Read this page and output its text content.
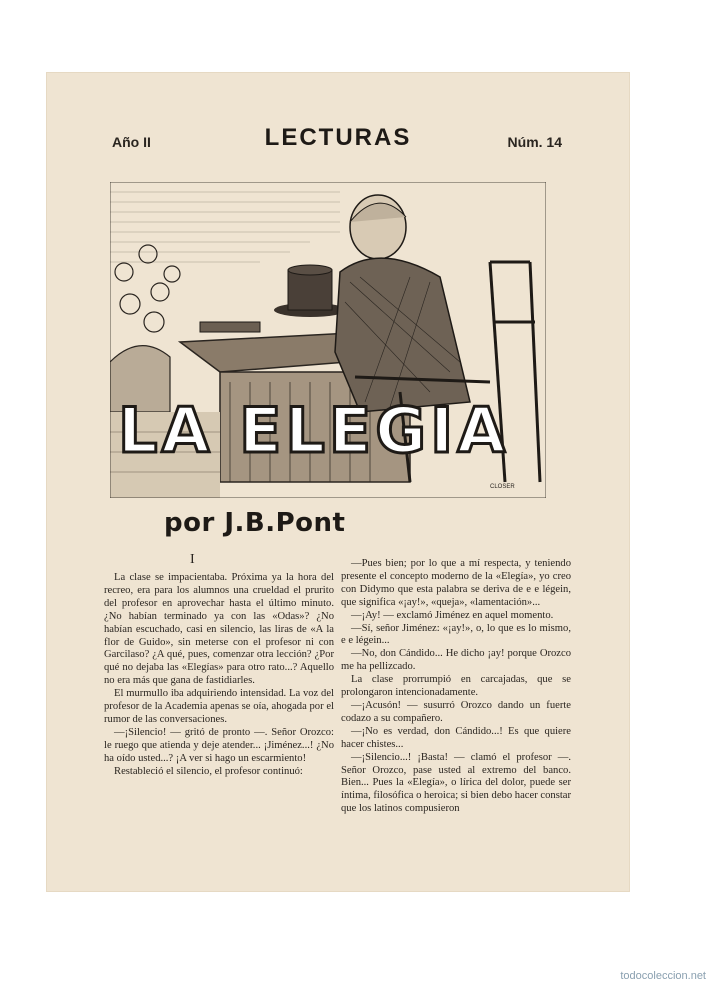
Año II	LECTURAS	Núm. 14
LA ELEGIA
CLOSER
por J.B.Pont
I

La clase se impacientaba. Próxima ya la hora del recreo, era para los alumnos una crueldad el prurito del profesor en aprovechar hasta el último minuto. ¿No habían terminado ya con las «Odas»? ¿No habían escuchado, casi en silencio, las liras de «A la flor de Guido», sin meterse con el profesor ni con Garcilaso? ¿A qué, pues, comenzar otra lección? ¿Por qué no dejaba las «Elegías» para otro rato...? Aquello no era más que gana de fastidiarles.

El murmullo iba adquiriendo intensidad. La voz del profesor de la Academia apenas se oía, ahogada por el rumor de las conversaciones.

—¡Silencio! — gritó de pronto —. Señor Orozco: le ruego que atienda y deje atender... ¡Jiménez...! ¿No ha oído usted...? ¡A ver si hago un escarmiento!

Restableció el silencio, el profesor continuó:

—Pues bien; por lo que a mí respecta, y teniendo presente el concepto moderno de la «Elegía», yo creo con Didymo que esta palabra se deriva de e e légein, que significa «¡ay!», «queja», «lamentación»...

—¡Ay! — exclamó Jiménez en aquel momento.

—Sí, señor Jiménez: «¡ay!», o, lo que es lo mismo, e e légein...

—No, don Cándido... He dicho ¡ay! porque Orozco me ha pellizcado.

La clase prorrumpió en carcajadas, que se prolongaron intencionadamente.

—¡Acusón! — susurró Orozco dando un fuerte codazo a su compañero.

—¡No es verdad, don Cándido...! Es que quiere hacer chistes...

—¡Silencio...! ¡Basta! — clamó el profesor —. Señor Orozco, pase usted al extremo del banco. Bien... Pues la «Elegía», o lírica del dolor, puede ser íntima, filosófica o heroica; si bien debo hacer constar que los latinos compusieron

todocoleccion.net
